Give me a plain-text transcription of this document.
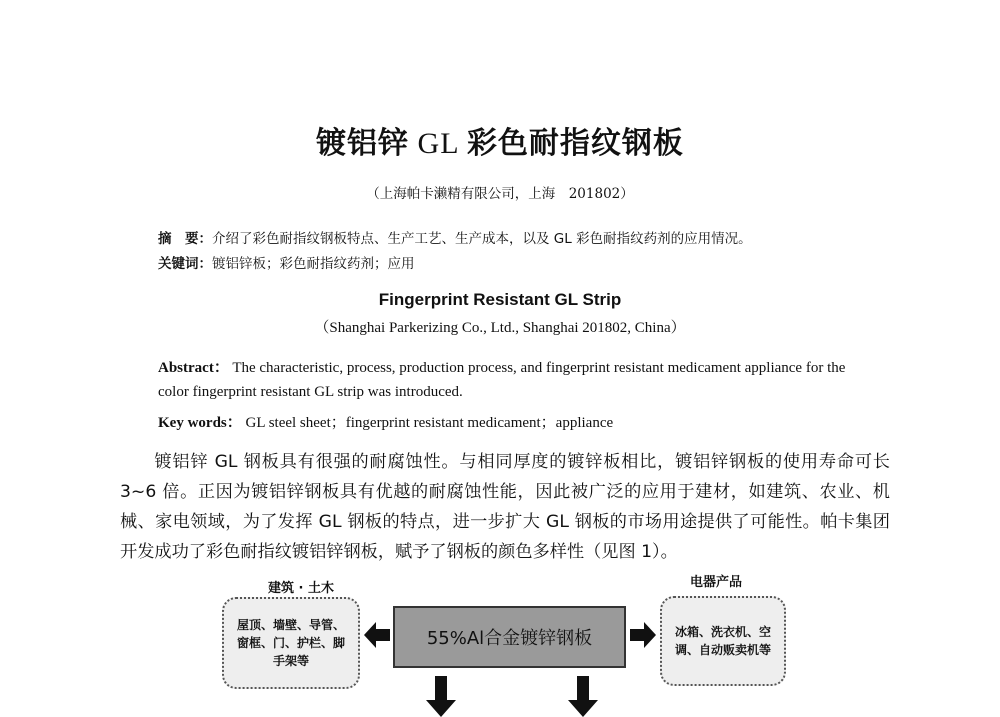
镀铝锌 GL 彩色耐指纹钢板
（上海帕卡濑精有限公司，上海　201802）
摘　要：介绍了彩色耐指纹钢板特点、生产工艺、生产成本，以及 GL 彩色耐指纹药剂的应用情况。
关键词：镀铝锌板；彩色耐指纹药剂；应用
Fingerprint Resistant GL Strip
（Shanghai Parkerizing Co., Ltd., Shanghai 201802, China）
Abstract： The characteristic, process, production process, and fingerprint resistant medicament appliance for the
color fingerprint resistant GL strip was introduced.
Key words： GL steel sheet；fingerprint resistant medicament；appliance

镀铝锌 GL 钢板具有很强的耐腐蚀性。与相同厚度的镀锌板相比，镀铝锌钢板的使用寿命可长3~6 倍。正因为镀铝锌钢板具有优越的耐腐蚀性能，因此被广泛的应用于建材，如建筑、农业、机械、家电领域，为了发挥 GL 钢板的特点，进一步扩大 GL 钢板的市场用途提供了可能性。帕卡集团开发成功了彩色耐指纹镀铝锌钢板，赋予了钢板的颜色多样性（见图 1）。

建筑 · 土木	电器产品
屋顶、墙壁、导管、窗框、门、护栏、脚手架等
55%Al合金镀锌钢板	冰箱、洗衣机、空调、自动贩卖机等
